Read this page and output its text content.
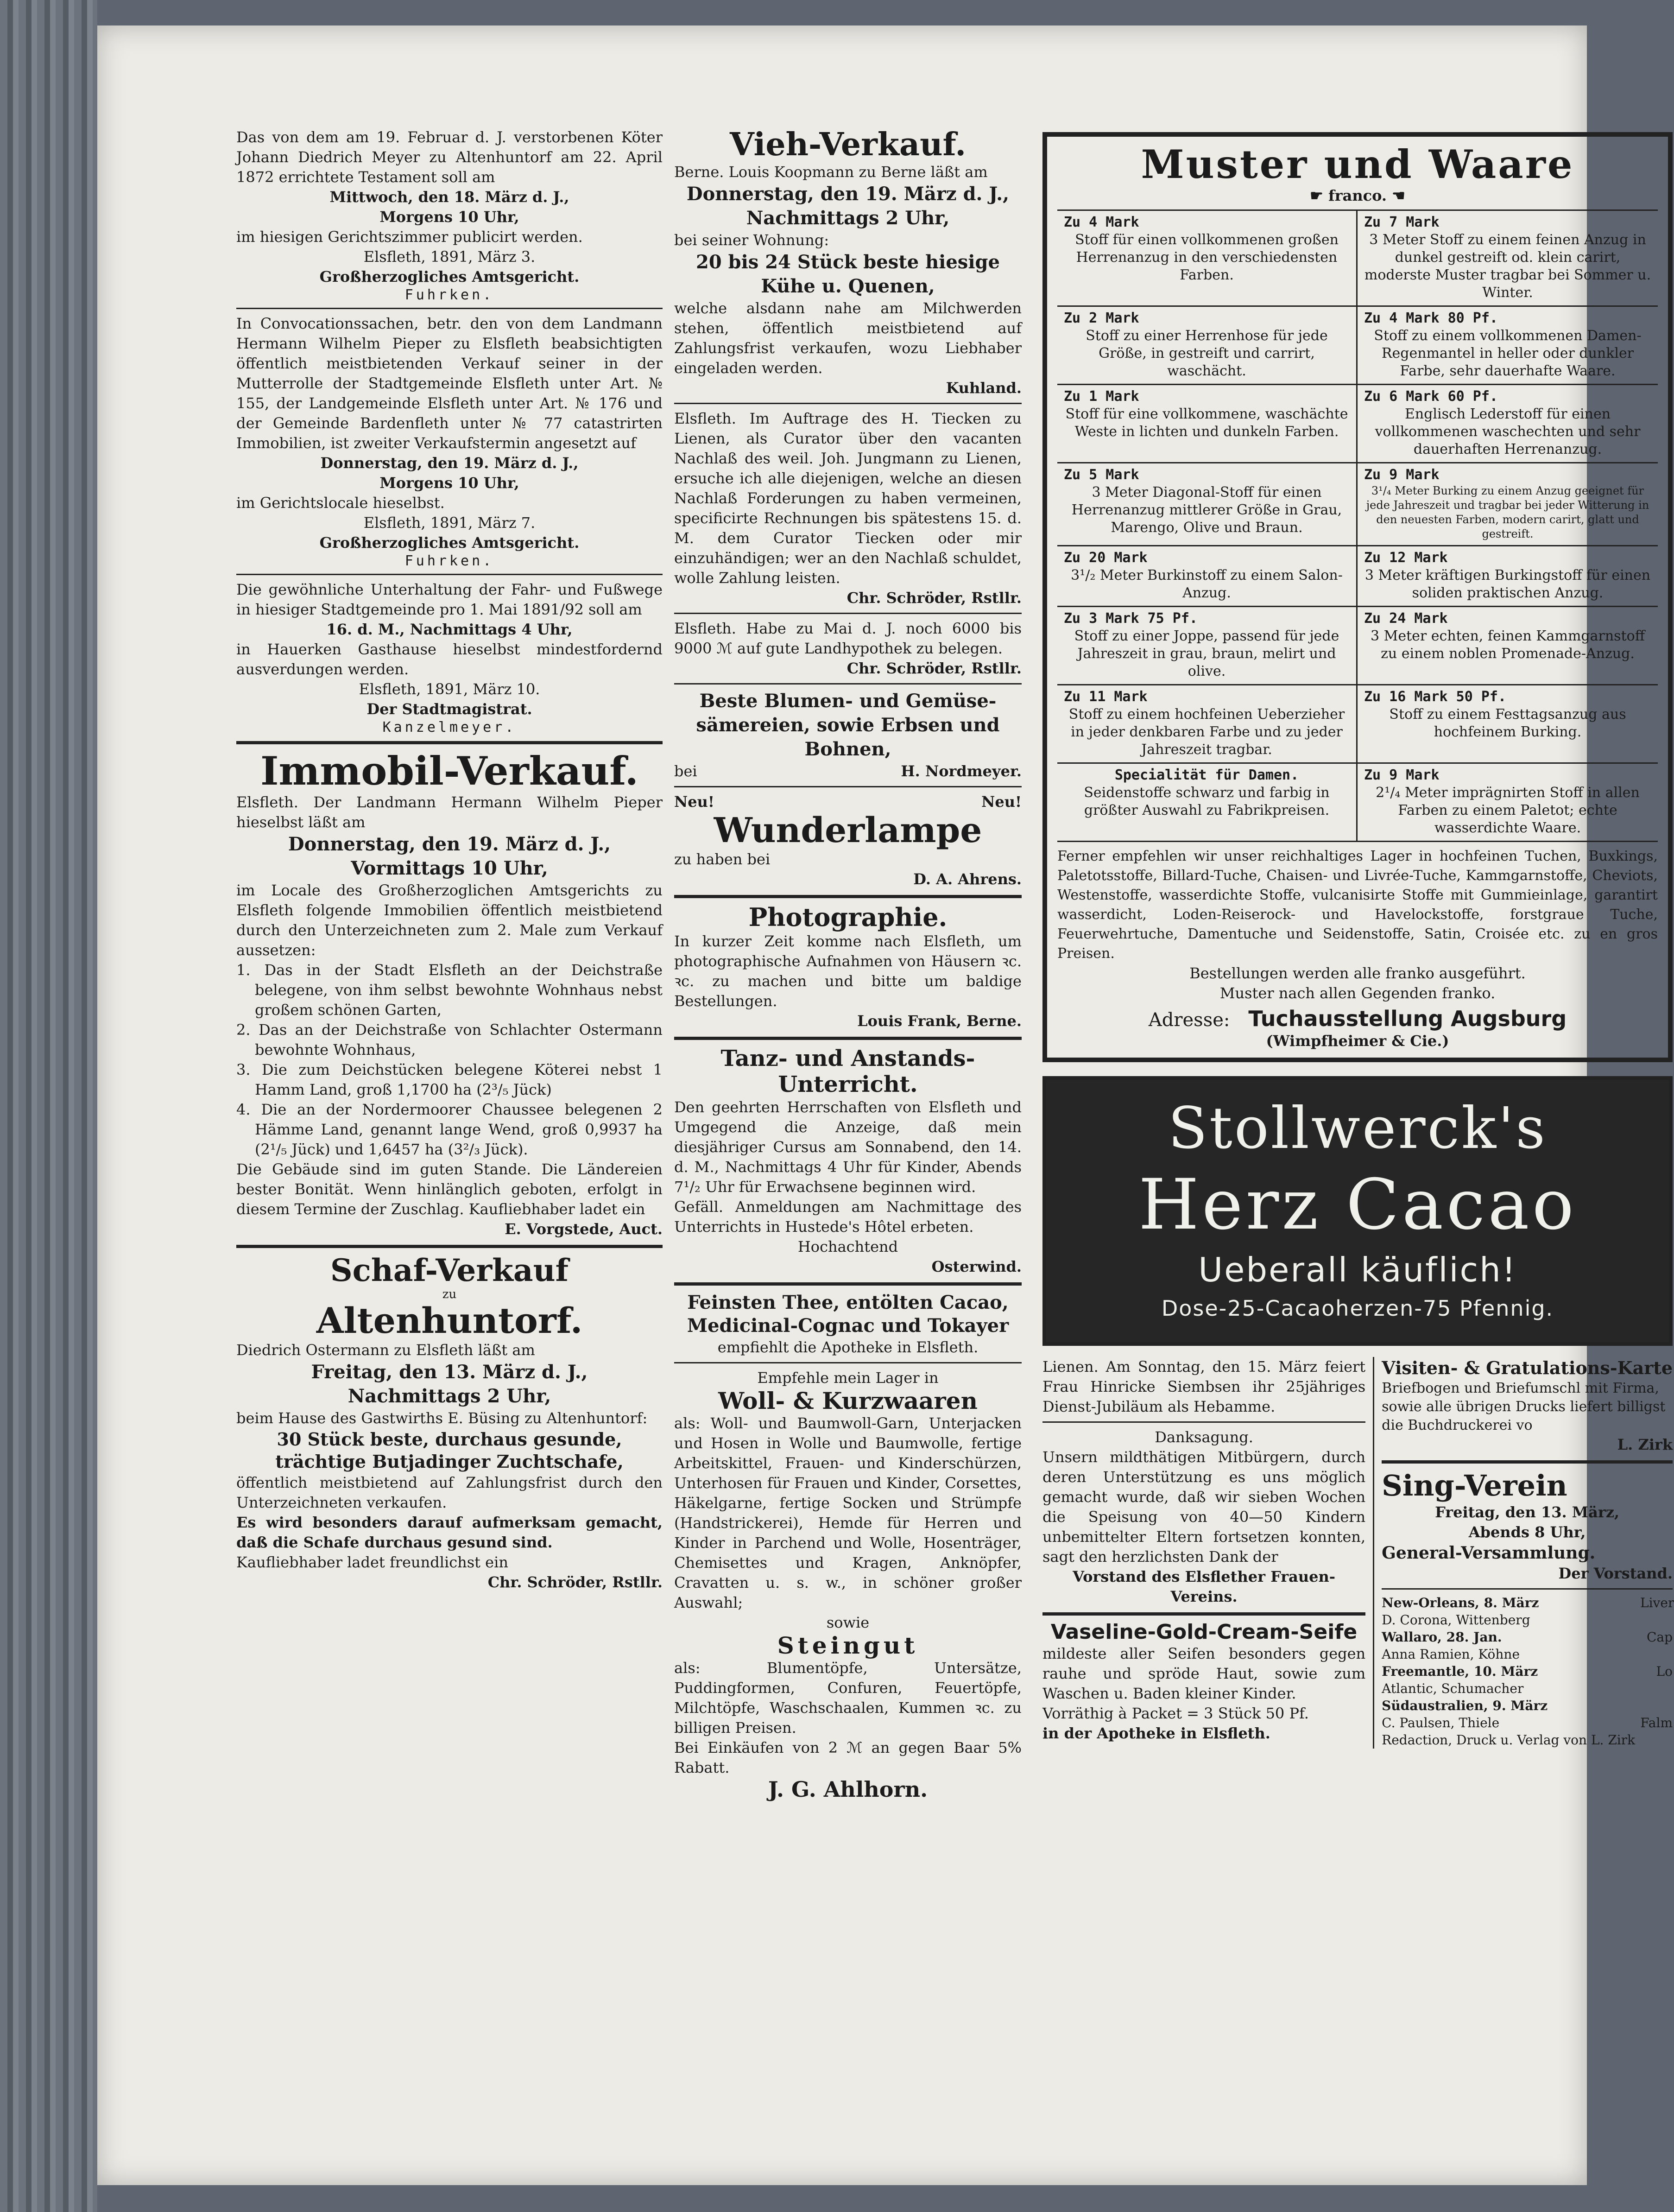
Das von dem am 19. Februar d. J. verstorbenen Köter Johann Diedrich Meyer zu Altenhuntorf am 22. April 1872 errichtete Testament soll am

Mittwoch, den 18. März d. J.,

Morgens 10 Uhr,

im hiesigen Gerichtszimmer publicirt werden.

Elsfleth, 1891, März 3.

Großherzogliches Amtsgericht.

Fuhrken.

In Convocationssachen, betr. den von dem Landmann Hermann Wilhelm Pieper zu Elsfleth beabsichtigten öffentlich meistbietenden Verkauf seiner in der Mutterrolle der Stadtgemeinde Elsfleth unter Art. № 155, der Landgemeinde Elsfleth unter Art. № 176 und der Gemeinde Bardenfleth unter № 77 catastrirten Immobilien, ist zweiter Verkaufstermin angesetzt auf

Donnerstag, den 19. März d. J.,

Morgens 10 Uhr,

im Gerichtslocale hieselbst.

Elsfleth, 1891, März 7.

Großherzogliches Amtsgericht.

Fuhrken.

Die gewöhnliche Unterhaltung der Fahr- und Fußwege in hiesiger Stadtgemeinde pro 1. Mai 1891/92 soll am

16. d. M., Nachmittags 4 Uhr,

in Hauerken Gasthause hieselbst mindestfordernd ausverdungen werden.

Elsfleth, 1891, März 10.

Der Stadtmagistrat.

Kanzelmeyer.

Immobil-Verkauf.

Elsfleth. Der Landmann Hermann Wilhelm Pieper hieselbst läßt am

Donnerstag, den 19. März d. J.,

Vormittags 10 Uhr,

im Locale des Großherzoglichen Amtsgerichts zu Elsfleth folgende Immobilien öffentlich meistbietend durch den Unterzeichneten zum 2. Male zum Verkauf aussetzen:

1. Das in der Stadt Elsfleth an der Deichstraße belegene, von ihm selbst bewohnte Wohnhaus nebst großem schönen Garten,

2. Das an der Deichstraße von Schlachter Ostermann bewohnte Wohnhaus,

3. Die zum Deichstücken belegene Köterei nebst 1 Hamm Land, groß 1,1700 ha (2³/₅ Jück)

4. Die an der Nordermoorer Chaussee belegenen 2 Hämme Land, genannt lange Wend, groß 0,9937 ha (2¹/₅ Jück) und 1,6457 ha (3²/₃ Jück).

Die Gebäude sind im guten Stande. Die Ländereien bester Bonität. Wenn hinlänglich geboten, erfolgt in diesem Termine der Zuschlag. Kaufliebhaber ladet ein

E. Vorgstede, Auct.

Schaf-Verkauf

zu

Altenhuntorf.

Diedrich Ostermann zu Elsfleth läßt am

Freitag, den 13. März d. J.,

Nachmittags 2 Uhr,

beim Hause des Gastwirths E. Büsing zu Altenhuntorf:

30 Stück beste, durchaus gesunde, trächtige Butjadinger Zuchtschafe,

öffentlich meistbietend auf Zahlungsfrist durch den Unterzeichneten verkaufen.

Es wird besonders darauf aufmerksam gemacht, daß die Schafe durchaus gesund sind.

Kaufliebhaber ladet freundlichst ein

Chr. Schröder, Rstllr.

Vieh-Verkauf.

Berne. Louis Koopmann zu Berne läßt am

Donnerstag, den 19. März d. J.,

Nachmittags 2 Uhr,

bei seiner Wohnung:

20 bis 24 Stück beste hiesige Kühe u. Quenen,

welche alsdann nahe am Milchwerden stehen, öffentlich meistbietend auf Zahlungsfrist verkaufen, wozu Liebhaber eingeladen werden.

Kuhland.

Elsfleth. Im Auftrage des H. Tiecken zu Lienen, als Curator über den vacanten Nachlaß des weil. Joh. Jungmann zu Lienen, ersuche ich alle diejenigen, welche an diesen Nachlaß Forderungen zu haben vermeinen, specificirte Rechnungen bis spätestens 15. d. M. dem Curator Tiecken oder mir einzuhändigen; wer an den Nachlaß schuldet, wolle Zahlung leisten.

Chr. Schröder, Rstllr.

Elsfleth. Habe zu Mai d. J. noch 6000 bis 9000 ℳ auf gute Landhypothek zu belegen.

Chr. Schröder, Rstllr.

Beste Blumen- und Gemüse-sämereien, sowie Erbsen und Bohnen,

bei	H. Nordmeyer.
Neu!	Neu!

Wunderlampe

zu haben bei

D. A. Ahrens.

Photographie.

In kurzer Zeit komme nach Elsfleth, um photographische Aufnahmen von Häusern ꝛc. ꝛc. zu machen und bitte um baldige Bestellungen.

Louis Frank, Berne.

Tanz- und Anstands-Unterricht.

Den geehrten Herrschaften von Elsfleth und Umgegend die Anzeige, daß mein diesjähriger Cursus am Sonnabend, den 14. d. M., Nachmittags 4 Uhr für Kinder, Abends 7¹/₂ Uhr für Erwachsene beginnen wird.

Gefäll. Anmeldungen am Nachmittage des Unterrichts in Hustede's Hôtel erbeten.

Hochachtend

Osterwind.

Feinsten Thee, entölten Cacao,

Medicinal-Cognac und Tokayer

empfiehlt die Apotheke in Elsfleth.

Empfehle mein Lager in

Woll- & Kurzwaaren

als: Woll- und Baumwoll-Garn, Unterjacken und Hosen in Wolle und Baumwolle, fertige Arbeitskittel, Frauen- und Kinderschürzen, Unterhosen für Frauen und Kinder, Corsettes, Häkelgarne, fertige Socken und Strümpfe (Handstrickerei), Hemde für Herren und Kinder in Parchend und Wolle, Hosenträger, Chemisettes und Kragen, Anknöpfer, Cravatten u. s. w., in schöner großer Auswahl;

sowie

Steingut

als: Blumentöpfe, Untersätze, Puddingformen, Confuren, Feuertöpfe, Milchtöpfe, Waschschaalen, Kummen ꝛc. zu billigen Preisen.

Bei Einkäufen von 2 ℳ an gegen Baar 5% Rabatt.

J. G. Ahlhorn.

Muster und Waare

☛ franco. ☚

Zu 4 Mark
Stoff für einen vollkommenen großen Herrenanzug in den verschiedensten Farben.
Zu 7 Mark
3 Meter Stoff zu einem feinen Anzug in dunkel gestreift od. klein carirt, moderste Muster tragbar bei Sommer u. Winter.
Zu 2 Mark
Stoff zu einer Herrenhose für jede Größe, in gestreift und carrirt, waschächt.
Zu 4 Mark 80 Pf.
Stoff zu einem vollkommenen Damen-Regenmantel in heller oder dunkler Farbe, sehr dauerhafte Waare.
Zu 1 Mark
Stoff für eine vollkommene, waschächte Weste in lichten und dunkeln Farben.
Zu 6 Mark 60 Pf.
Englisch Lederstoff für einen vollkommenen waschechten und sehr dauerhaften Herrenanzug.
Zu 5 Mark
3 Meter Diagonal-Stoff für einen Herrenanzug mittlerer Größe in Grau, Marengo, Olive und Braun.
Zu 9 Mark
3¹/₄ Meter Burking zu einem Anzug geeignet für jede Jahreszeit und tragbar bei jeder Witterung in den neuesten Farben, modern carirt, glatt und gestreift.
Zu 20 Mark
3¹/₂ Meter Burkinstoff zu einem Salon-Anzug.
Zu 12 Mark
3 Meter kräftigen Burkingstoff für einen soliden praktischen Anzug.
Zu 3 Mark 75 Pf.
Stoff zu einer Joppe, passend für jede Jahreszeit in grau, braun, melirt und olive.
Zu 24 Mark
3 Meter echten, feinen Kammgarnstoff zu einem noblen Promenade-Anzug.
Zu 11 Mark
Stoff zu einem hochfeinen Ueberzieher in jeder denkbaren Farbe und zu jeder Jahreszeit tragbar.
Zu 16 Mark 50 Pf.
Stoff zu einem Festtagsanzug aus hochfeinem Burking.
Specialität für Damen.
Seidenstoffe schwarz und farbig in größter Auswahl zu Fabrikpreisen.
Zu 9 Mark
2¹/₄ Meter imprägnirten Stoff in allen Farben zu einem Paletot; echte wasserdichte Waare.

Ferner empfehlen wir unser reichhaltiges Lager in hochfeinen Tuchen, Buxkings, Paletotsstoffe, Billard-Tuche, Chaisen- und Livrée-Tuche, Kammgarnstoffe, Cheviots, Westenstoffe, wasserdichte Stoffe, vulcanisirte Stoffe mit Gummieinlage, garantirt wasserdicht, Loden-Reiserock- und Havelockstoffe, forstgraue Tuche, Feuerwehrtuche, Damentuche und Seidenstoffe, Satin, Croisée etc. zu en gros Preisen.

Bestellungen werden alle franko ausgeführt.

Muster nach allen Gegenden franko.

Adresse: Tuchausstellung Augsburg

(Wimpfheimer & Cie.)

Stollwerck's

Herz Cacao

Ueberall käuflich!

Dose-25-Cacaoherzen-75 Pfennig.

Lienen. Am Sonntag, den 15. März feiert Frau Hinricke Siembsen ihr 25jähriges Dienst-Jubiläum als Hebamme.

Danksagung.

Unsern mildthätigen Mitbürgern, durch deren Unterstützung es uns möglich gemacht wurde, daß wir sieben Wochen die Speisung von 40—50 Kindern unbemittelter Eltern fortsetzen konnten, sagt den herzlichsten Dank der

Vorstand des Elsflether Frauen-Vereins.

Vaseline-Gold-Cream-Seife

mildeste aller Seifen besonders gegen rauhe und spröde Haut, sowie zum Waschen u. Baden kleiner Kinder.

Vorräthig à Packet = 3 Stück 50 Pf.

in der Apotheke in Elsfleth.

Visiten- & Gratulations-Karte

Briefbogen und Briefumschl mit Firma, sowie alle übrigen Drucks liefert billigst die Buchdruckerei vo

L. Zirk

Sing-Verein

Freitag, den 13. März,

Abends 8 Uhr,

General-Versammlung.

Der Vorstand.

New-Orleans, 8. März

D. Corona, Wittenberg

Wallaro, 28. Jan.

Anna Ramien, Köhne

Freemantle, 10. März

Atlantic, Schumacher

Südaustralien, 9. März

C. Paulsen, Thiele

Liver

Cap

Lo

Falm

Redaction, Druck u. Verlag von L. Zirk
